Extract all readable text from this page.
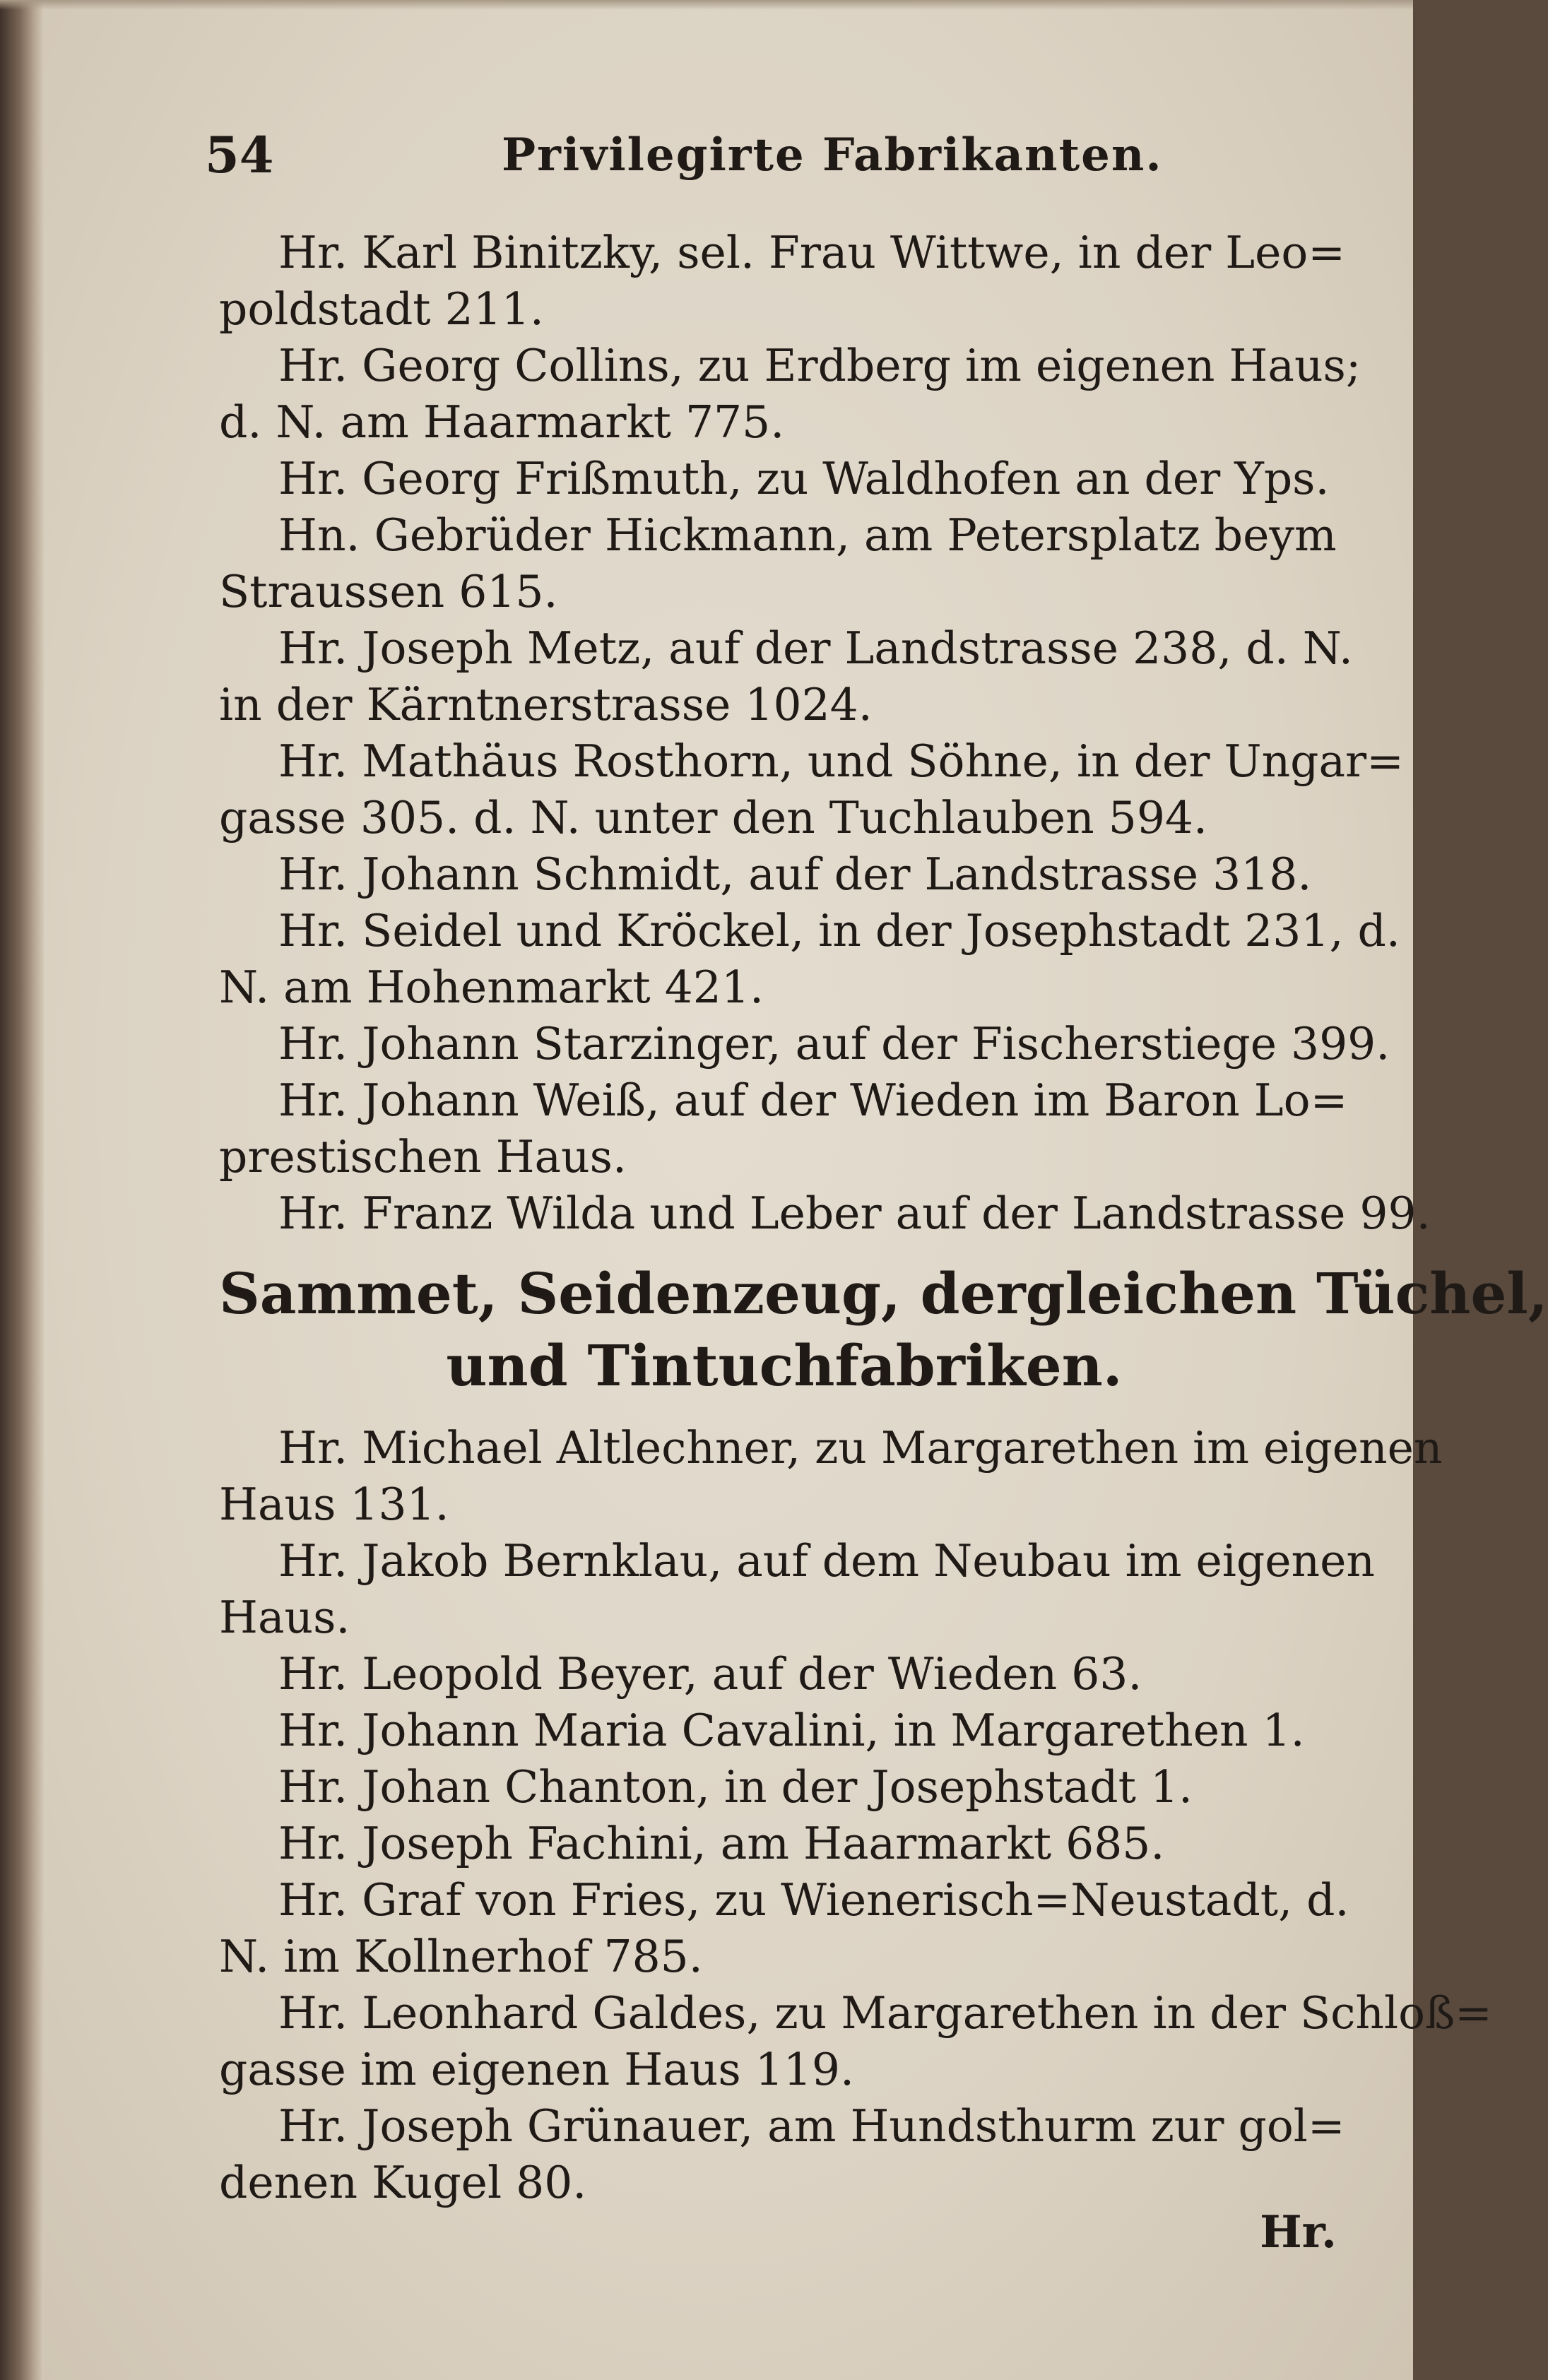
54	Privilegirte Fabrikanten.
Hr. Karl Binitzky, sel. Frau Wittwe, in der Leo=
poldstadt 211.
Hr. Georg Collins, zu Erdberg im eigenen Haus;
d. N. am Haarmarkt 775.
Hr. Georg Frißmuth, zu Waldhofen an der Yps.
Hn. Gebrüder Hickmann, am Petersplatz beym
Straussen 615.
Hr. Joseph Metz, auf der Landstrasse 238, d. N.
in der Kärntnerstrasse 1024.
Hr. Mathäus Rosthorn, und Söhne, in der Ungar=
gasse 305. d. N. unter den Tuchlauben 594.
Hr. Johann Schmidt, auf der Landstrasse 318.
Hr. Seidel und Kröckel, in der Josephstadt 231, d.
N. am Hohenmarkt 421.
Hr. Johann Starzinger, auf der Fischerstiege 399.
Hr. Johann Weiß, auf der Wieden im Baron Lo=
prestischen Haus.
Hr. Franz Wilda und Leber auf der Landstrasse 99.
Sammet, Seidenzeug, dergleichen Tüchel,
und Tintuchfabriken.
Hr. Michael Altlechner, zu Margarethen im eigenen
Haus 131.
Hr. Jakob Bernklau, auf dem Neubau im eigenen
Haus.
Hr. Leopold Beyer, auf der Wieden 63.
Hr. Johann Maria Cavalini, in Margarethen 1.
Hr. Johan Chanton, in der Josephstadt 1.
Hr. Joseph Fachini, am Haarmarkt 685.
Hr. Graf von Fries, zu Wienerisch=Neustadt, d.
N. im Kollnerhof 785.
Hr. Leonhard Galdes, zu Margarethen in der Schloß=
gasse im eigenen Haus 119.
Hr. Joseph Grünauer, am Hundsthurm zur gol=
denen Kugel 80.
Hr.
